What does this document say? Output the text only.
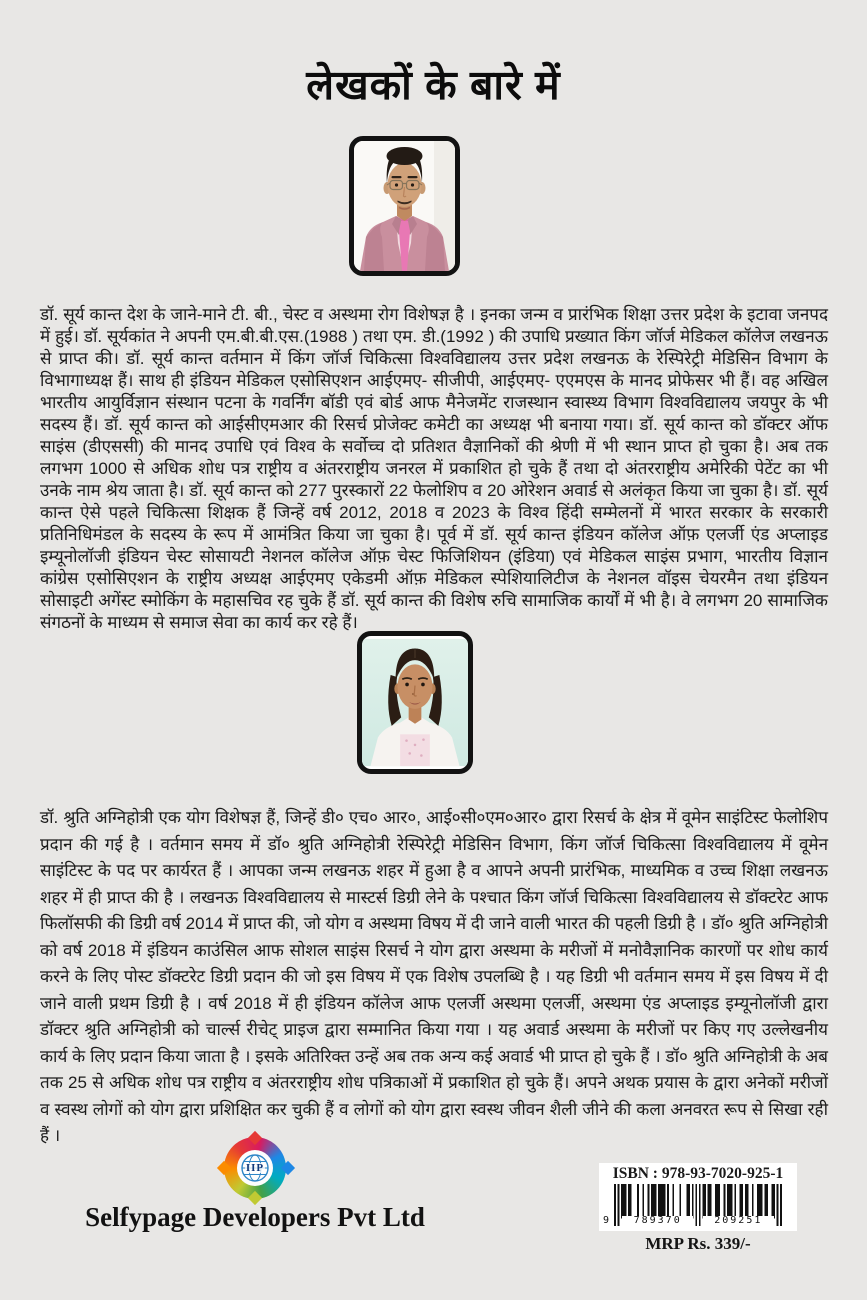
लेखकों के बारे में

डॉ. सूर्य कान्त देश के जाने-माने टी. बी., चेस्ट व अस्थमा रोग विशेषज्ञ है । इनका जन्म व प्रारंभिक शिक्षा उत्तर प्रदेश के इटावा जनपद में हुई। डॉ. सूर्यकांत ने अपनी एम.बी.बी.एस.(1988 ) तथा एम. डी.(1992 ) की उपाधि प्रख्यात किंग जॉर्ज मेडिकल कॉलेज लखनऊ से प्राप्त की। डॉ. सूर्य कान्त वर्तमान में किंग जॉर्ज चिकित्सा विश्वविद्यालय उत्तर प्रदेश लखनऊ के रेस्पिरेट्री मेडिसिन विभाग के विभागाध्यक्ष हैं। साथ ही इंडियन मेडिकल एसोसिएशन आईएमए- सीजीपी, आईएमए- एएमएस के मानद प्रोफेसर भी हैं। वह अखिल भारतीय आयुर्विज्ञान संस्थान पटना के गवर्निंग बॉडी एवं बोर्ड आफ मैनेजमेंट राजस्थान स्वास्थ्य विभाग विश्वविद्यालय जयपुर के भी सदस्य हैं। डॉ. सूर्य कान्त को आईसीएमआर की रिसर्च प्रोजेक्ट कमेटी का अध्यक्ष भी बनाया गया। डॉ. सूर्य कान्त को डॉक्टर ऑफ साइंस (डीएससी) की मानद उपाधि एवं विश्व के सर्वोच्च दो प्रतिशत वैज्ञानिकों की श्रेणी में भी स्थान प्राप्त हो चुका है। अब तक लगभग 1000 से अधिक शोध पत्र राष्ट्रीय व अंतरराष्ट्रीय जनरल में प्रकाशित हो चुके हैं तथा दो अंतरराष्ट्रीय अमेरिकी पेटेंट का भी उनके नाम श्रेय जाता है। डॉ. सूर्य कान्त को 277 पुरस्कारों 22 फेलोशिप व 20 ओरेशन अवार्ड से अलंकृत किया जा चुका है। डॉ. सूर्य कान्त ऐसे पहले चिकित्सा शिक्षक हैं जिन्हें वर्ष 2012, 2018 व 2023 के विश्व हिंदी सम्मेलनों में भारत सरकार के सरकारी प्रतिनिधिमंडल के सदस्य के रूप में आमंत्रित किया जा चुका है। पूर्व में डॉ. सूर्य कान्त इंडियन कॉलेज ऑफ़ एलर्जी एंड अप्लाइड इम्यूनोलॉजी इंडियन चेस्ट सोसायटी नेशनल कॉलेज ऑफ़ चेस्ट फिजिशियन (इंडिया) एवं मेडिकल साइंस प्रभाग, भारतीय विज्ञान कांग्रेस एसोसिएशन के राष्ट्रीय अध्यक्ष आईएमए एकेडमी ऑफ़ मेडिकल स्पेशियालिटीज के नेशनल वॉइस चेयरमैन तथा इंडियन सोसाइटी अगेंस्ट स्मोकिंग के महासचिव रह चुके हैं डॉ. सूर्य कान्त की विशेष रुचि सामाजिक कार्यों में भी है। वे लगभग 20 सामाजिक संगठनों के माध्यम से समाज सेवा का कार्य कर रहे हैं।

डॉ. श्रुति अग्निहोत्री एक योग विशेषज्ञ हैं, जिन्हें डी० एच० आर०, आई०सी०एम०आर० द्वारा रिसर्च के क्षेत्र में वूमेन साइंटिस्ट फेलोशिप प्रदान की गई है । वर्तमान समय में डॉ० श्रुति अग्निहोत्री रेस्पिरेट्री मेडिसिन विभाग, किंग जॉर्ज चिकित्सा विश्वविद्यालय में वूमेन साइंटिस्ट के पद पर कार्यरत हैं । आपका जन्म लखनऊ शहर में हुआ है व आपने अपनी प्रारंभिक, माध्यमिक व उच्च शिक्षा लखनऊ शहर में ही प्राप्त की है । लखनऊ विश्वविद्यालय से मास्टर्स डिग्री लेने के पश्चात किंग जॉर्ज चिकित्सा विश्वविद्यालय से डॉक्टरेट आफ फिलॉसफी की डिग्री वर्ष 2014 में प्राप्त की, जो योग व अस्थमा विषय में दी जाने वाली भारत की पहली डिग्री है । डॉ० श्रुति अग्निहोत्री को वर्ष 2018 में इंडियन काउंसिल आफ सोशल साइंस रिसर्च ने योग द्वारा अस्थमा के मरीजों में मनोवैज्ञानिक कारणों पर शोध कार्य करने के लिए पोस्ट डॉक्टरेट डिग्री प्रदान की जो इस विषय में एक विशेष उपलब्धि है । यह डिग्री भी वर्तमान समय में इस विषय में दी जाने वाली प्रथम डिग्री है । वर्ष 2018 में ही इंडियन कॉलेज आफ एलर्जी अस्थमा एलर्जी, अस्थमा एंड अप्लाइड इम्यूनोलॉजी द्वारा डॉक्टर श्रुति अग्निहोत्री को चार्ल्स रीचेट् प्राइज द्वारा सम्मानित किया गया । यह अवार्ड अस्थमा के मरीजों पर किए गए उल्लेखनीय कार्य के लिए प्रदान किया जाता है । इसके अतिरिक्त उन्हें अब तक अन्य कई अवार्ड भी प्राप्त हो चुके हैं । डॉ० श्रुति अग्निहोत्री के अब तक 25 से अधिक शोध पत्र राष्ट्रीय व अंतरराष्ट्रीय शोध पत्रिकाओं में प्रकाशित हो चुके हैं। अपने अथक प्रयास के द्वारा अनेकों मरीजों व स्वस्थ लोगों को योग द्वारा प्रशिक्षित कर चुकी हैं व लोगों को योग द्वारा स्वस्थ जीवन शैली जीने की कला अनवरत रूप से सिखा रही हैं ।

IIP
Selfypage Developers Pvt Ltd
ISBN : 978-93-7020-925-1
9	789370	209251
MRP Rs. 339/-
